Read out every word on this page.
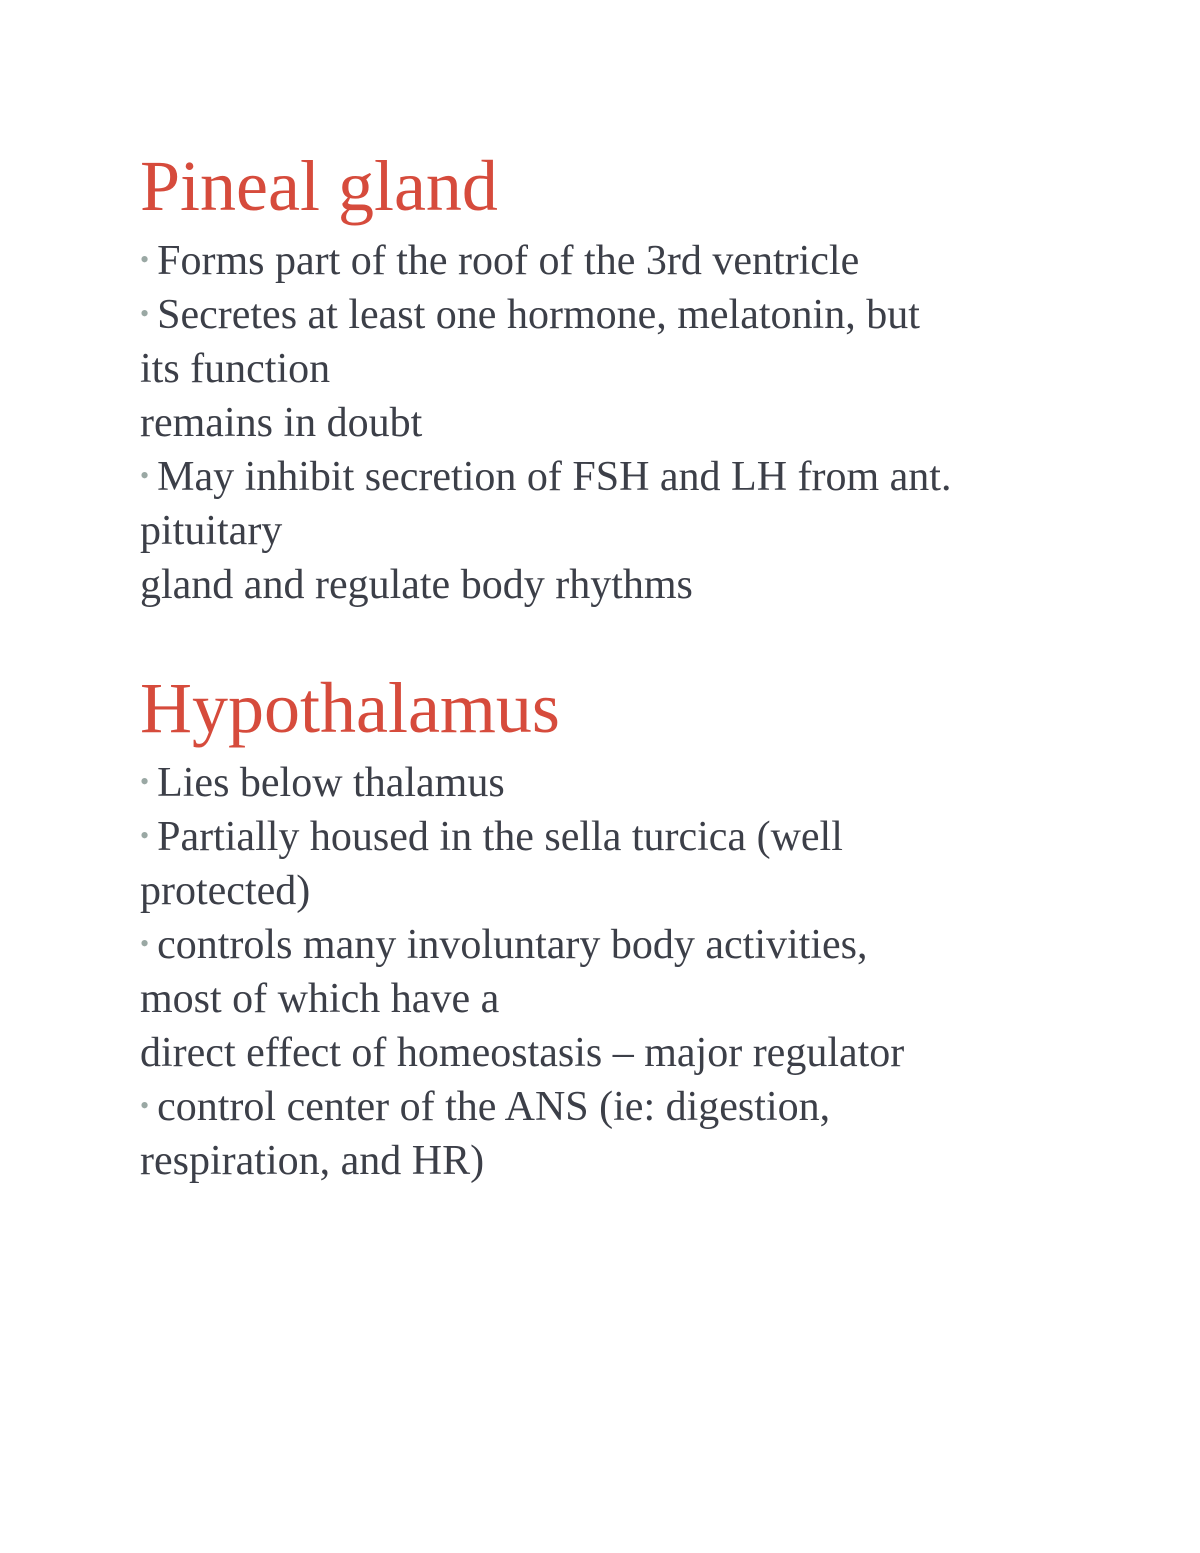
Pineal gland

• Forms part of the roof of the 3rd ventricle

• Secretes at least one hormone, melatonin, but

its function

remains in doubt

• May inhibit secretion of FSH and LH from ant.

pituitary

gland and regulate body rhythms

Hypothalamus

• Lies below thalamus

• Partially housed in the sella turcica (well

protected)

• controls many involuntary body activities,

most of which have a

direct effect of homeostasis – major regulator

• control center of the ANS (ie: digestion,

respiration, and HR)
